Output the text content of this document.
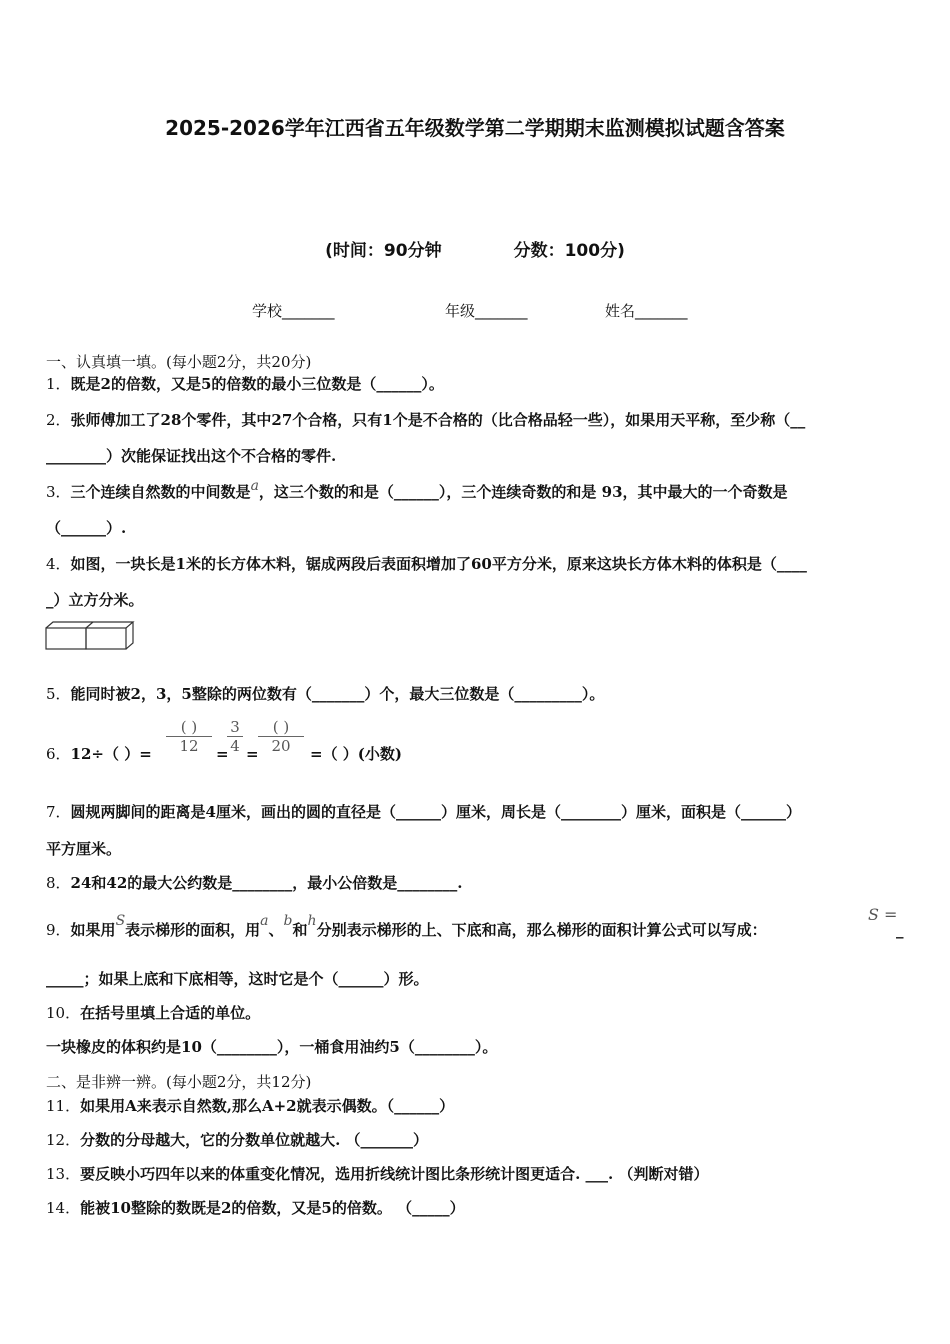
2025-2026学年江西省五年级数学第二学期期末监测模拟试题含答案
(时间：90分钟	分数：100分)
学校_______	年级_______	姓名_______
一、认真填一填。(每小题2分，共20分)
1．既是2的倍数，又是5的倍数的最小三位数是（______）。
2．张师傅加工了28个零件，其中27个合格，只有1个是不合格的（比合格品轻一些），如果用天平称，至少称（__
________）次能保证找出这个不合格的零件.
3．三个连续自然数的中间数是a，这三个数的和是（______），三个连续奇数的和是 93，其中最大的一个奇数是
（______）.
4．如图，一块长是1米的长方体木料，锯成两段后表面积增加了60平方分米，原来这块长方体木料的体积是（____
_）立方分米。
5．能同时被2，3，5整除的两位数有（_______）个，最大三位数是（_________）。
6．12÷（ ）=
( )
12	=
$\frac{3}{4}$ =
( )
20	=（ ）(小数)
7．圆规两脚间的距离是4厘米，画出的圆的直径是（______）厘米，周长是（________）厘米，面积是（______）
平方厘米。
8．24和42的最大公约数是________，最小公倍数是________.
9．如果用S表示梯形的面积，用a、b和h分别表示梯形的上、下底和高，那么梯形的面积计算公式可以写成：
S =
_
_____；如果上底和下底相等，这时它是个（______）形。
10．在括号里填上合适的单位。
一块橡皮的体积约是10（________），一桶食用油约5（________）。
二、是非辨一辨。(每小题2分，共12分)
11．如果用A来表示自然数,那么A+2就表示偶数。（______）
12．分数的分母越大，它的分数单位就越大. （_______）
13．要反映小巧四年以来的体重变化情况，选用折线统计图比条形统计图更适合. ___. （判断对错）
14．能被10整除的数既是2的倍数，又是5的倍数。 （_____）
